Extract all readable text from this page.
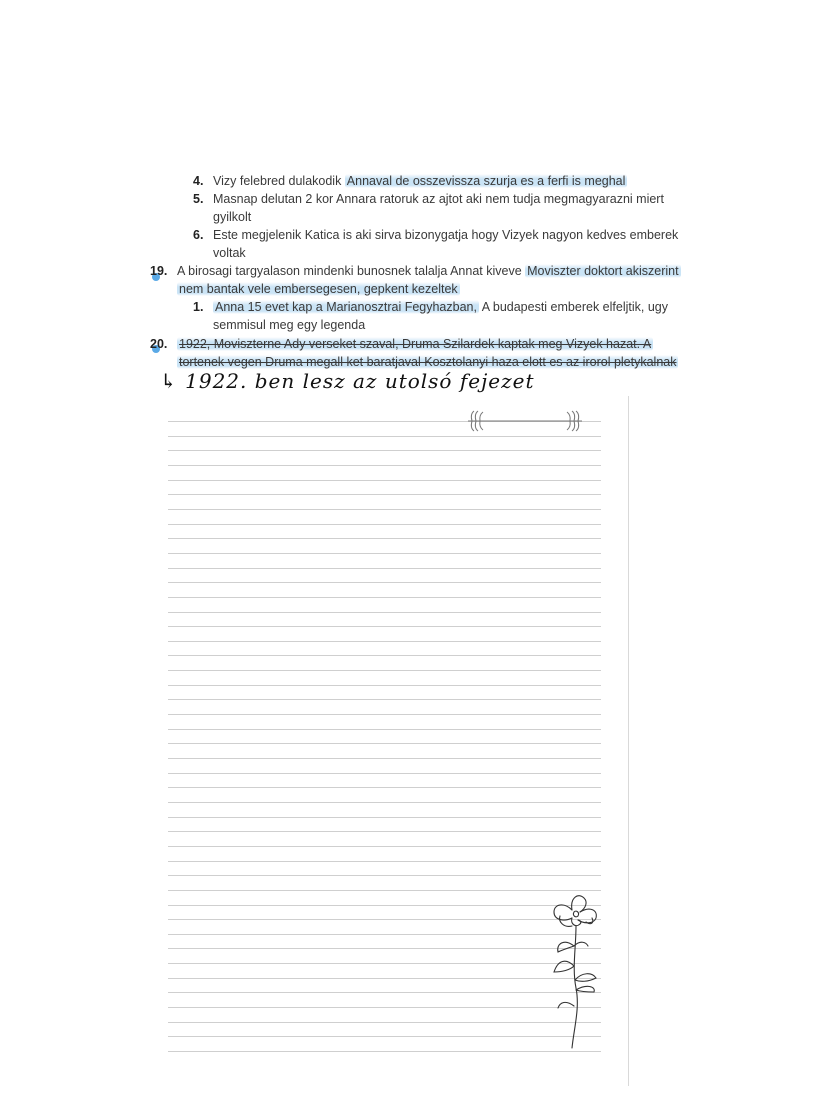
4. Vizy felebred dulakodik Annaval de osszevissza szurja es a ferfi is meghal
5. Masnap delutan 2 kor Annara ratoruk az ajtot aki nem tudja megmagyarazni miert
gyilkolt
6. Este megjelenik Katica is aki sirva bizonygatja hogy Vizyek nagyon kedves emberek
voltak
19. A birosagi targyalason mindenki bunosnek talalja Annat kiveve Moviszter doktort akiszerint
nem bantak vele embersegesen, gepkent kezeltek
1. Anna 15 evet kap a Marianosztrai Fegyhazban, A budapesti emberek elfeljtik, ugy
semmisul meg egy legenda
20. 1922, Moviszterne Ady verseket szaval, Druma Szilardek kaptak meg Vizyek hazat. A
tortenek vegen Druma megall ket baratjaval Kosztolanyi haza elott es az irorol pletykalnak
↳ 1922. ben lesz az utolsó fejezet
